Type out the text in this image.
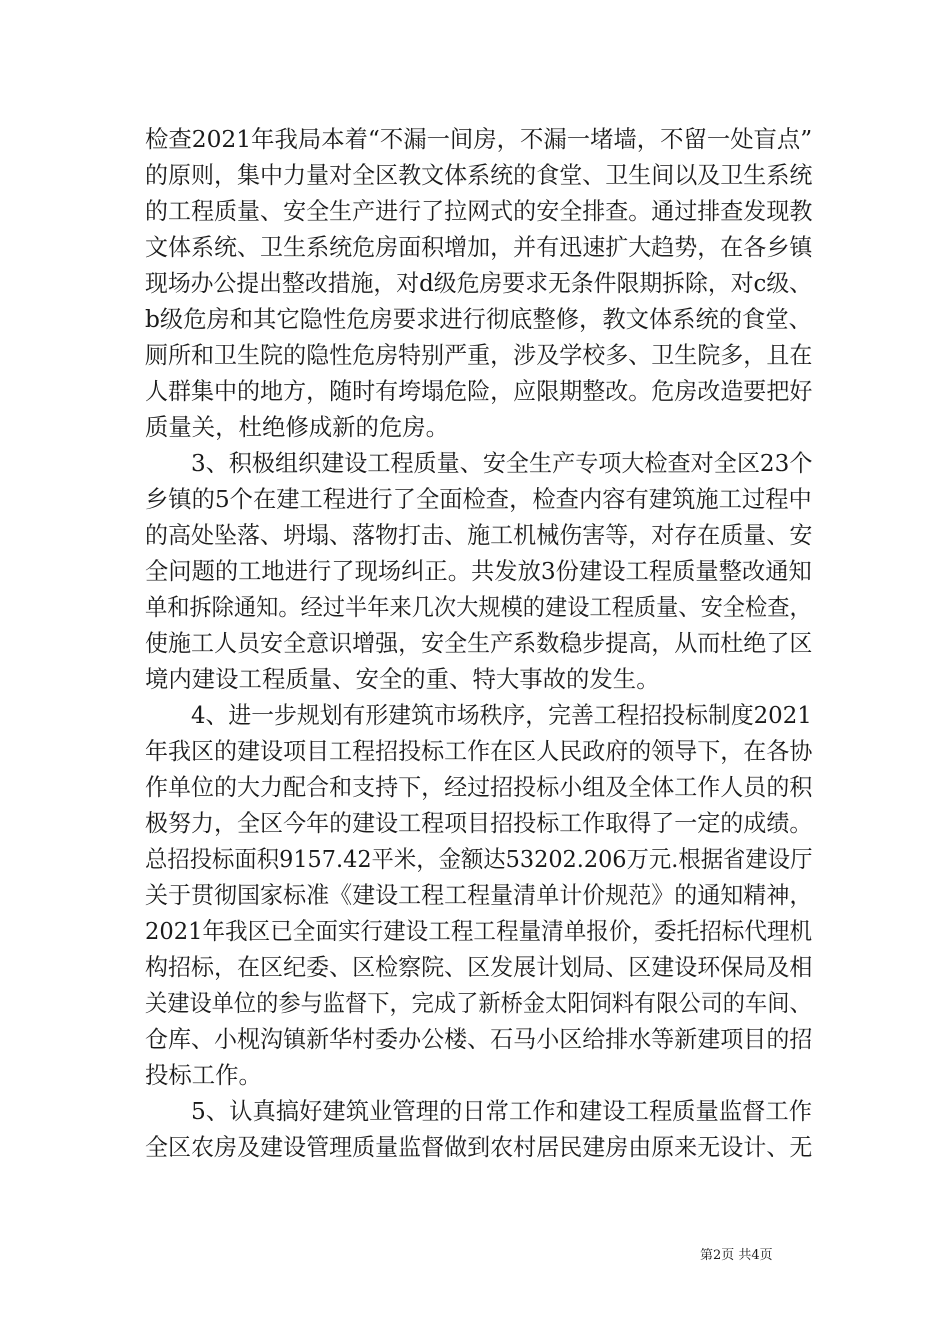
检查2021年我局本着“不漏一间房，不漏一堵墙，不留一处盲点”

的原则，集中力量对全区教文体系统的食堂、卫生间以及卫生系统

的工程质量、安全生产进行了拉网式的安全排查。通过排查发现教

文体系统、卫生系统危房面积增加，并有迅速扩大趋势，在各乡镇

现场办公提出整改措施，对d级危房要求无条件限期拆除，对c级、

b级危房和其它隐性危房要求进行彻底整修，教文体系统的食堂、

厕所和卫生院的隐性危房特别严重，涉及学校多、卫生院多，且在

人群集中的地方，随时有垮塌危险，应限期整改。危房改造要把好

质量关，杜绝修成新的危房。

3、积极组织建设工程质量、安全生产专项大检查对全区23个

乡镇的5个在建工程进行了全面检查，检查内容有建筑施工过程中

的高处坠落、坍塌、落物打击、施工机械伤害等，对存在质量、安

全问题的工地进行了现场纠正。共发放3份建设工程质量整改通知

单和拆除通知。经过半年来几次大规模的建设工程质量、安全检查，

使施工人员安全意识增强，安全生产系数稳步提高，从而杜绝了区

境内建设工程质量、安全的重、特大事故的发生。

4、进一步规划有形建筑市场秩序，完善工程招投标制度2021

年我区的建设项目工程招投标工作在区人民政府的领导下，在各协

作单位的大力配合和支持下，经过招投标小组及全体工作人员的积

极努力，全区今年的建设工程项目招投标工作取得了一定的成绩。

总招投标面积9157.42平米，金额达53202.206万元.根据省建设厅

关于贯彻国家标准《建设工程工程量清单计价规范》的通知精神，

2021年我区已全面实行建设工程工程量清单报价，委托招标代理机

构招标，在区纪委、区检察院、区发展计划局、区建设环保局及相

关建设单位的参与监督下，完成了新桥金太阳饲料有限公司的车间、

仓库、小枧沟镇新华村委办公楼、石马小区给排水等新建项目的招

投标工作。

5、认真搞好建筑业管理的日常工作和建设工程质量监督工作

全区农房及建设管理质量监督做到农村居民建房由原来无设计、无

第2页 共4页
